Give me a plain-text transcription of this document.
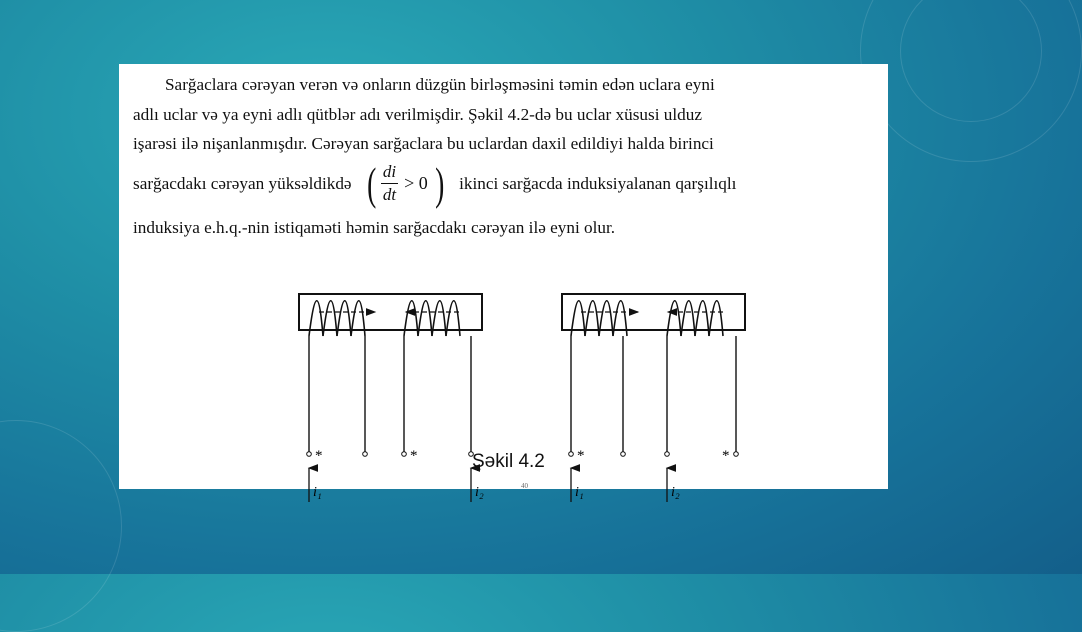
Sarğaclara cərəyan verən və onların düzgün birləşməsini təmin edən uclara eyni
adlı uclar və ya eyni adlı qütblər adı verilmişdir. Şəkil 4.2-də bu uclar xüsusi ulduz
işarəsi ilə nişanlanmışdır. Cərəyan sarğaclara bu uclardan daxil edildiyi halda birinci
sarğacdakı cərəyan yüksəldikdə ( $\frac{di}{dt} > 0$ ) ikinci sarğacda induksiyalanan qarşılıqlı
induksiya e.h.q.-nin istiqaməti həmin sarğacdakı cərəyan ilə eyni olur.
*	*
i₁	i₂
*	*
i₁	i₂
Şəkil 4.2
40
